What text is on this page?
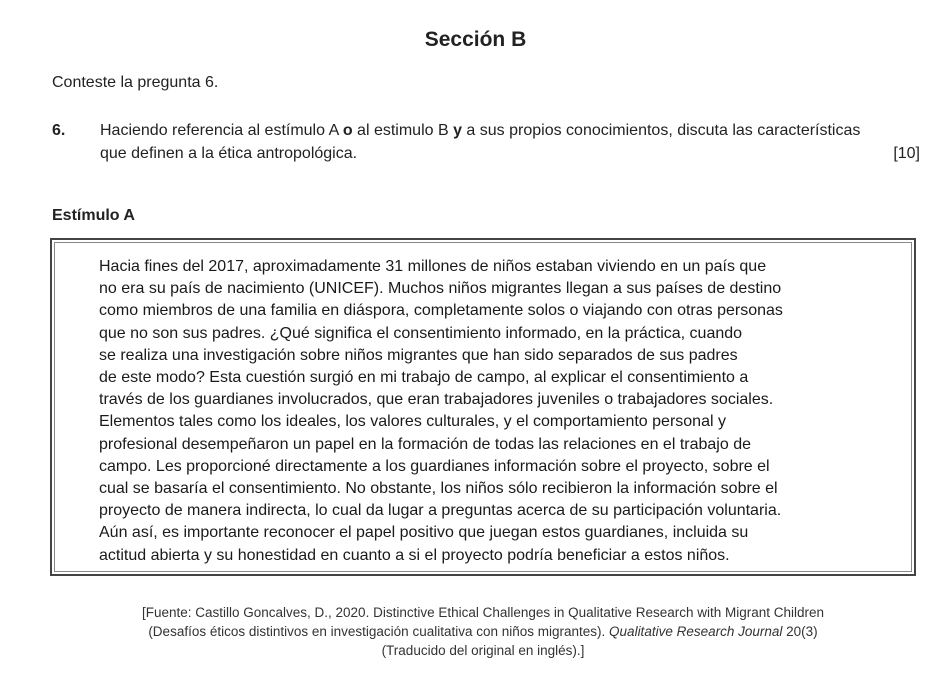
Sección B
Conteste la pregunta 6.
6. Haciendo referencia al estímulo A o al estimulo B y a sus propios conocimientos, discuta las características que definen a la ética antropológica.	[10]
Estímulo A

Hacia fines del 2017, aproximadamente 31 millones de niños estaban viviendo en un país que
no era su país de nacimiento (UNICEF). Muchos niños migrantes llegan a sus países de destino
como miembros de una familia en diáspora, completamente solos o viajando con otras personas
que no son sus padres. ¿Qué significa el consentimiento informado, en la práctica, cuando
se realiza una investigación sobre niños migrantes que han sido separados de sus padres
de este modo? Esta cuestión surgió en mi trabajo de campo, al explicar el consentimiento a
través de los guardianes involucrados, que eran trabajadores juveniles o trabajadores sociales.
Elementos tales como los ideales, los valores culturales, y el comportamiento personal y
profesional desempeñaron un papel en la formación de todas las relaciones en el trabajo de
campo. Les proporcioné directamente a los guardianes información sobre el proyecto, sobre el
cual se basaría el consentimiento. No obstante, los niños sólo recibieron la información sobre el
proyecto de manera indirecta, lo cual da lugar a preguntas acerca de su participación voluntaria.
Aún así, es importante reconocer el papel positivo que juegan estos guardianes, incluida su
actitud abierta y su honestidad en cuanto a si el proyecto podría beneficiar a estos niños.

[Fuente: Castillo Goncalves, D., 2020. Distinctive Ethical Challenges in Qualitative Research with Migrant Children
(Desafíos éticos distintivos en investigación cualitativa con niños migrantes). Qualitative Research Journal 20(3)
(Traducido del original en inglés).]
